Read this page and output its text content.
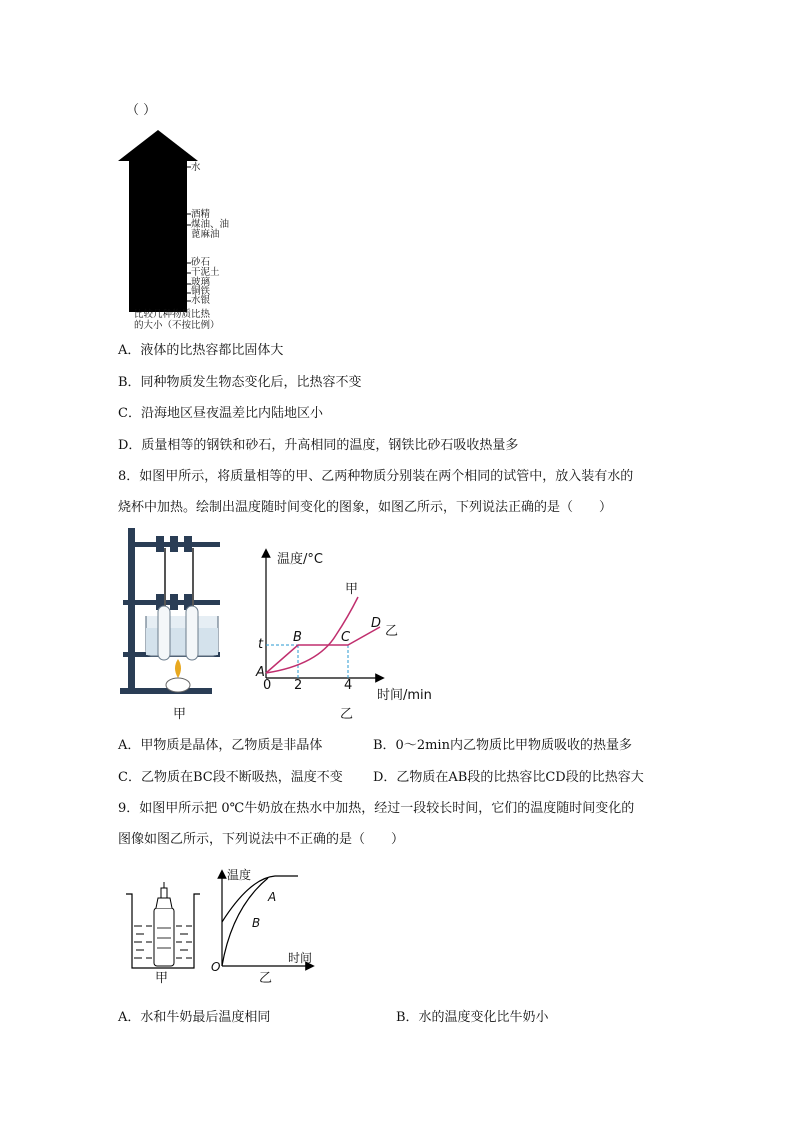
（ ）
水
酒精
煤油、油
蓖麻油
砂石
干泥土
玻璃
铜铁
水银
比较几种物质比热
的大小（不按比例）
A．液体的比热容都比固体大
B．同种物质发生物态变化后，比热容不变
C．沿海地区昼夜温差比内陆地区小
D．质量相等的钢铁和砂石，升高相同的温度，钢铁比砂石吸收热量多
8．如图甲所示，将质量相等的甲、乙两种物质分别装在两个相同的试管中，放入装有水的
烧杯中加热。绘制出温度随时间变化的图象，如图乙所示，下列说法正确的是（　　）
甲
温度/°C
时间/min
t
0 2	4
A
B	C
D
甲
乙
乙
A．甲物质是晶体，乙物质是非晶体	B．0～2min内乙物质比甲物质吸收的热量多
C．乙物质在BC段不断吸热，温度不变 D．乙物质在AB段的比热容比CD段的比热容大
9．如图甲所示把 0℃牛奶放在热水中加热，经过一段较长时间，它们的温度随时间变化的
图像如图乙所示，下列说法中不正确的是（　　）
甲
温度
时间
O
A
B
乙
A．水和牛奶最后温度相同	B．水的温度变化比牛奶小
